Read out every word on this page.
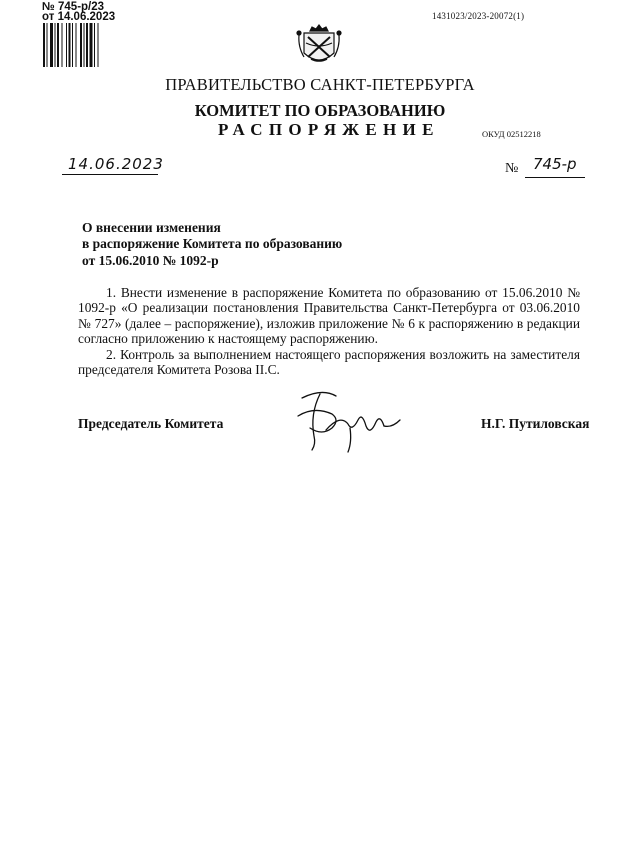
№ 745-р/23
от 14.06.2023	1431023/2023-20072(1)
ПРАВИТЕЛЬСТВО САНКТ-ПЕТЕРБУРГА
КОМИТЕТ ПО ОБРАЗОВАНИЮ
РАСПОРЯЖЕНИЕ	ОКУД 02512218
14.06.2023	№ 745-р
О внесении изменения
в распоряжение Комитета по образованию
от 15.06.2010 № 1092-р

1. Внести изменение в распоряжение Комитета по образованию от 15.06.2010 № 1092-р «О реализации постановления Правительства Санкт-Петербурга от 03.06.2010 № 727» (далее – распоряжение), изложив приложение № 6 к распоряжению в редакции согласно приложению к настоящему распоряжению.

2. Контроль за выполнением настоящего распоряжения возложить на заместителя председателя Комитета Розова II.С.

Председатель Комитета	Н.Г. Путиловская
